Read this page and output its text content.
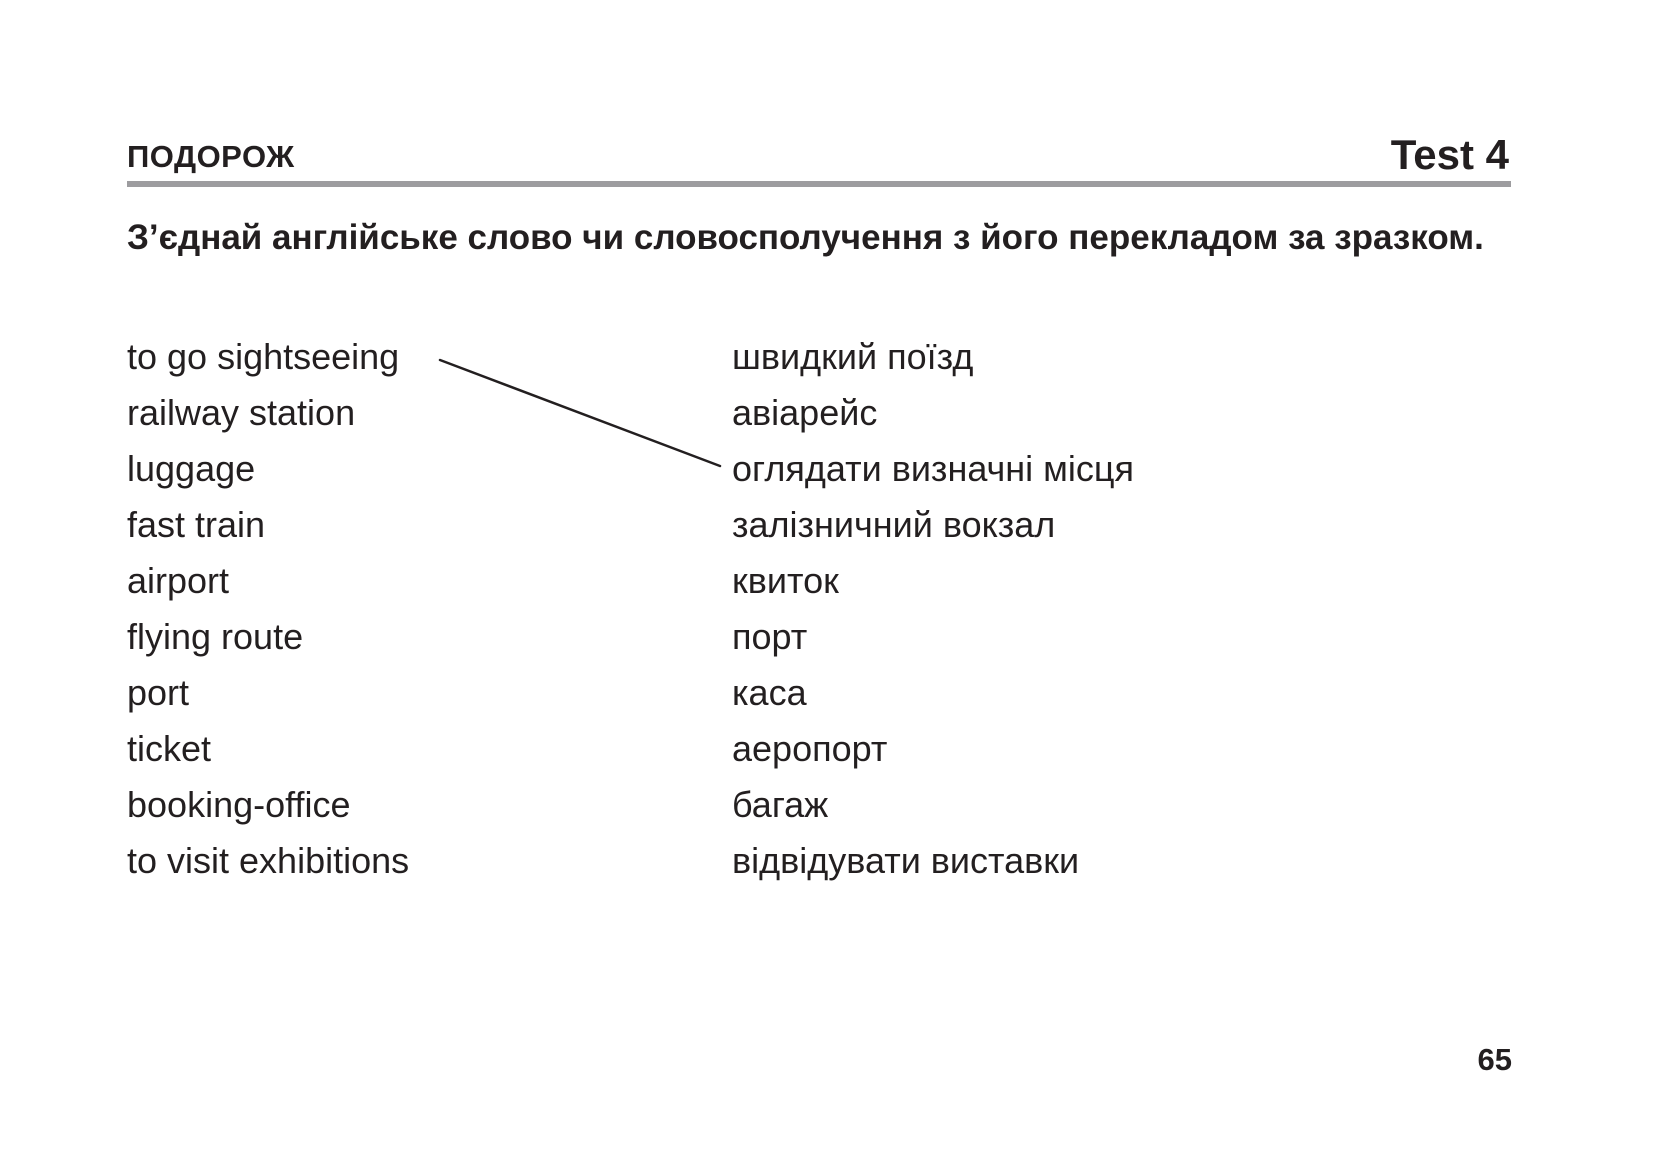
ПОДОРОЖ	Test 4

З’єднай англійське слово чи словосполучення з його перекладом за зразком.

to go sightseeing
railway station
luggage
fast train
airport
flying route
port
ticket
booking-office
to visit exhibitions
швидкий поїзд
авіарейс
оглядати визначні місця
залізничний вокзал
квиток
порт
каса
аеропорт
багаж
відвідувати виставки
65
